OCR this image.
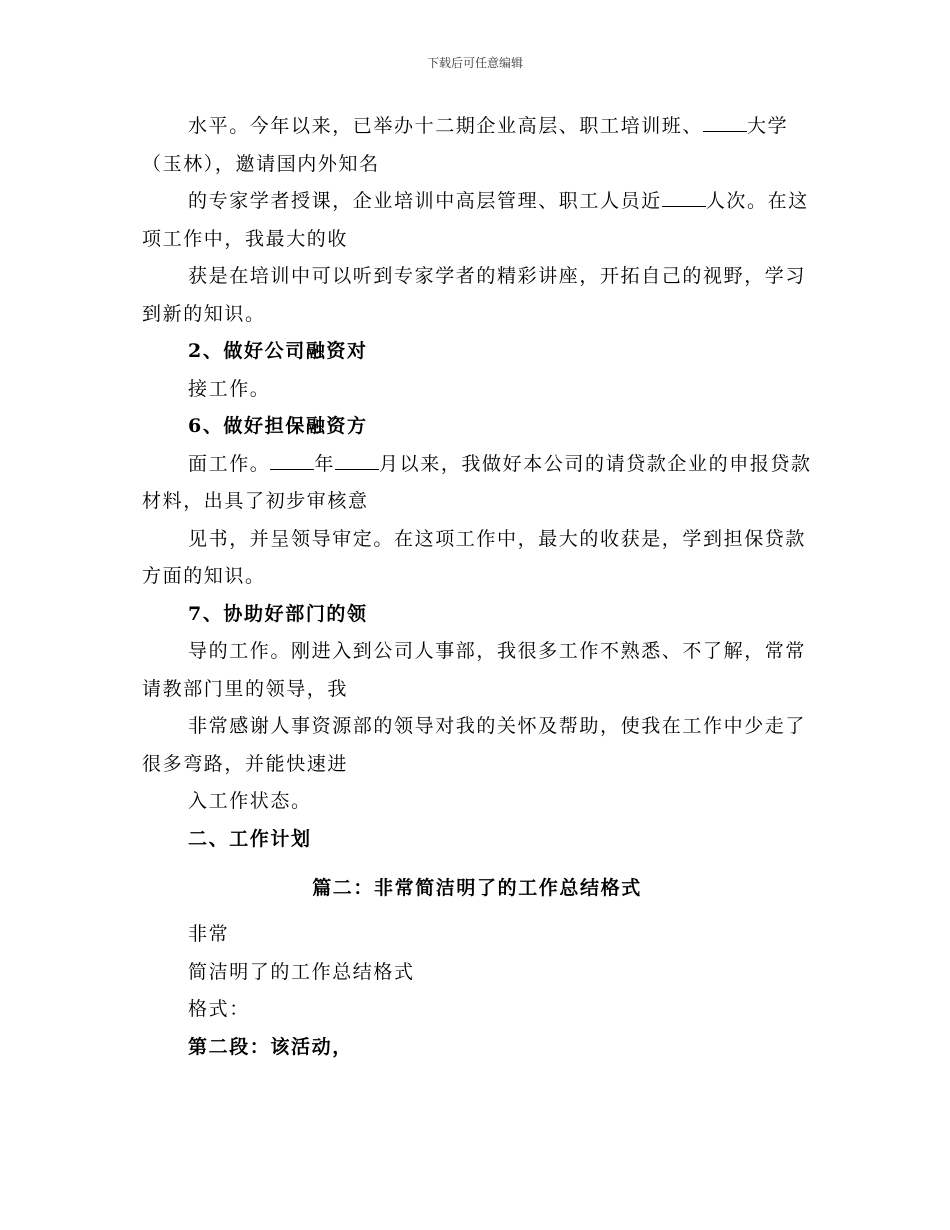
下载后可任意编辑

水平。今年以来，已举办十二期企业高层、职工培训班、 大学（玉林），邀请国内外知名

的专家学者授课，企业培训中高层管理、职工人员近 人次。在这项工作中，我最大的收

获是在培训中可以听到专家学者的精彩讲座，开拓自己的视野，学习到新的知识。

2、做好公司融资对

接工作。

6、做好担保融资方

面工作。 年 月以来，我做好本公司的请贷款企业的申报贷款材料，出具了初步审核意

见书，并呈领导审定。在这项工作中，最大的收获是，学到担保贷款方面的知识。

7、协助好部门的领

导的工作。刚进入到公司人事部，我很多工作不熟悉、不了解，常常请教部门里的领导，我

非常感谢人事资源部的领导对我的关怀及帮助，使我在工作中少走了很多弯路，并能快速进

入工作状态。

二、工作计划

篇二：非常简洁明了的工作总结格式

非常

简洁明了的工作总结格式

格式：

第二段：该活动，
